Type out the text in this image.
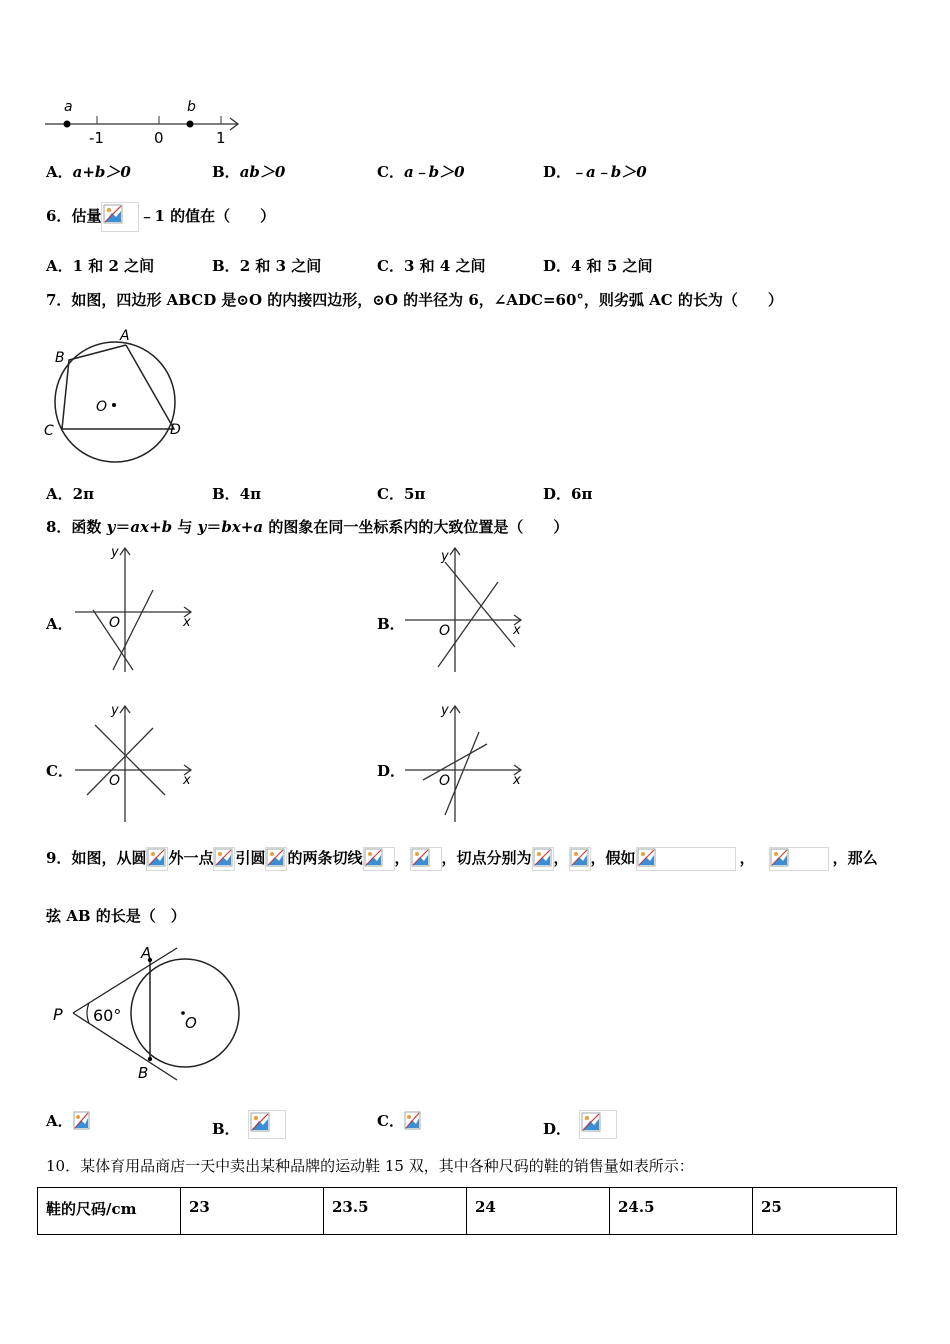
a	b
-1	0	1
A．a+b＞0	B．ab＞0	C．a﹣b＞0	D．﹣a﹣b＞0
6．估量	﹣1 的值在（　　）
A．1 和 2 之间	B．2 和 3 之间	C．3 和 4 之间	D．4 和 5 之间
7．如图，四边形 ABCD 是⊙O 的内接四边形，⊙O 的半径为 6，∠ADC=60°，则劣弧 AC 的长为（　　）
A
B
C	D
O
A．2π	B．4π	C．5π	D．6π
8．函数 y＝ax+b 与 y＝bx+a 的图象在同一坐标系内的大致位置是（　　）
A．
y
x
O	B．
y
x
O
C．
y
x
O
D．
y
x
O
9．如图，从圆 外一点 引圆 的两条切线 ， ，切点分别为 ， ，假如	，	，那么
弦 AB 的长是（　）
P
A
B
O
60°
A．	B．	C．	D．
10．某体育用品商店一天中卖出某种品牌的运动鞋 15 双，其中各种尺码的鞋的销售量如表所示：
鞋的尺码/cm	23	23.5	24	24.5	25
